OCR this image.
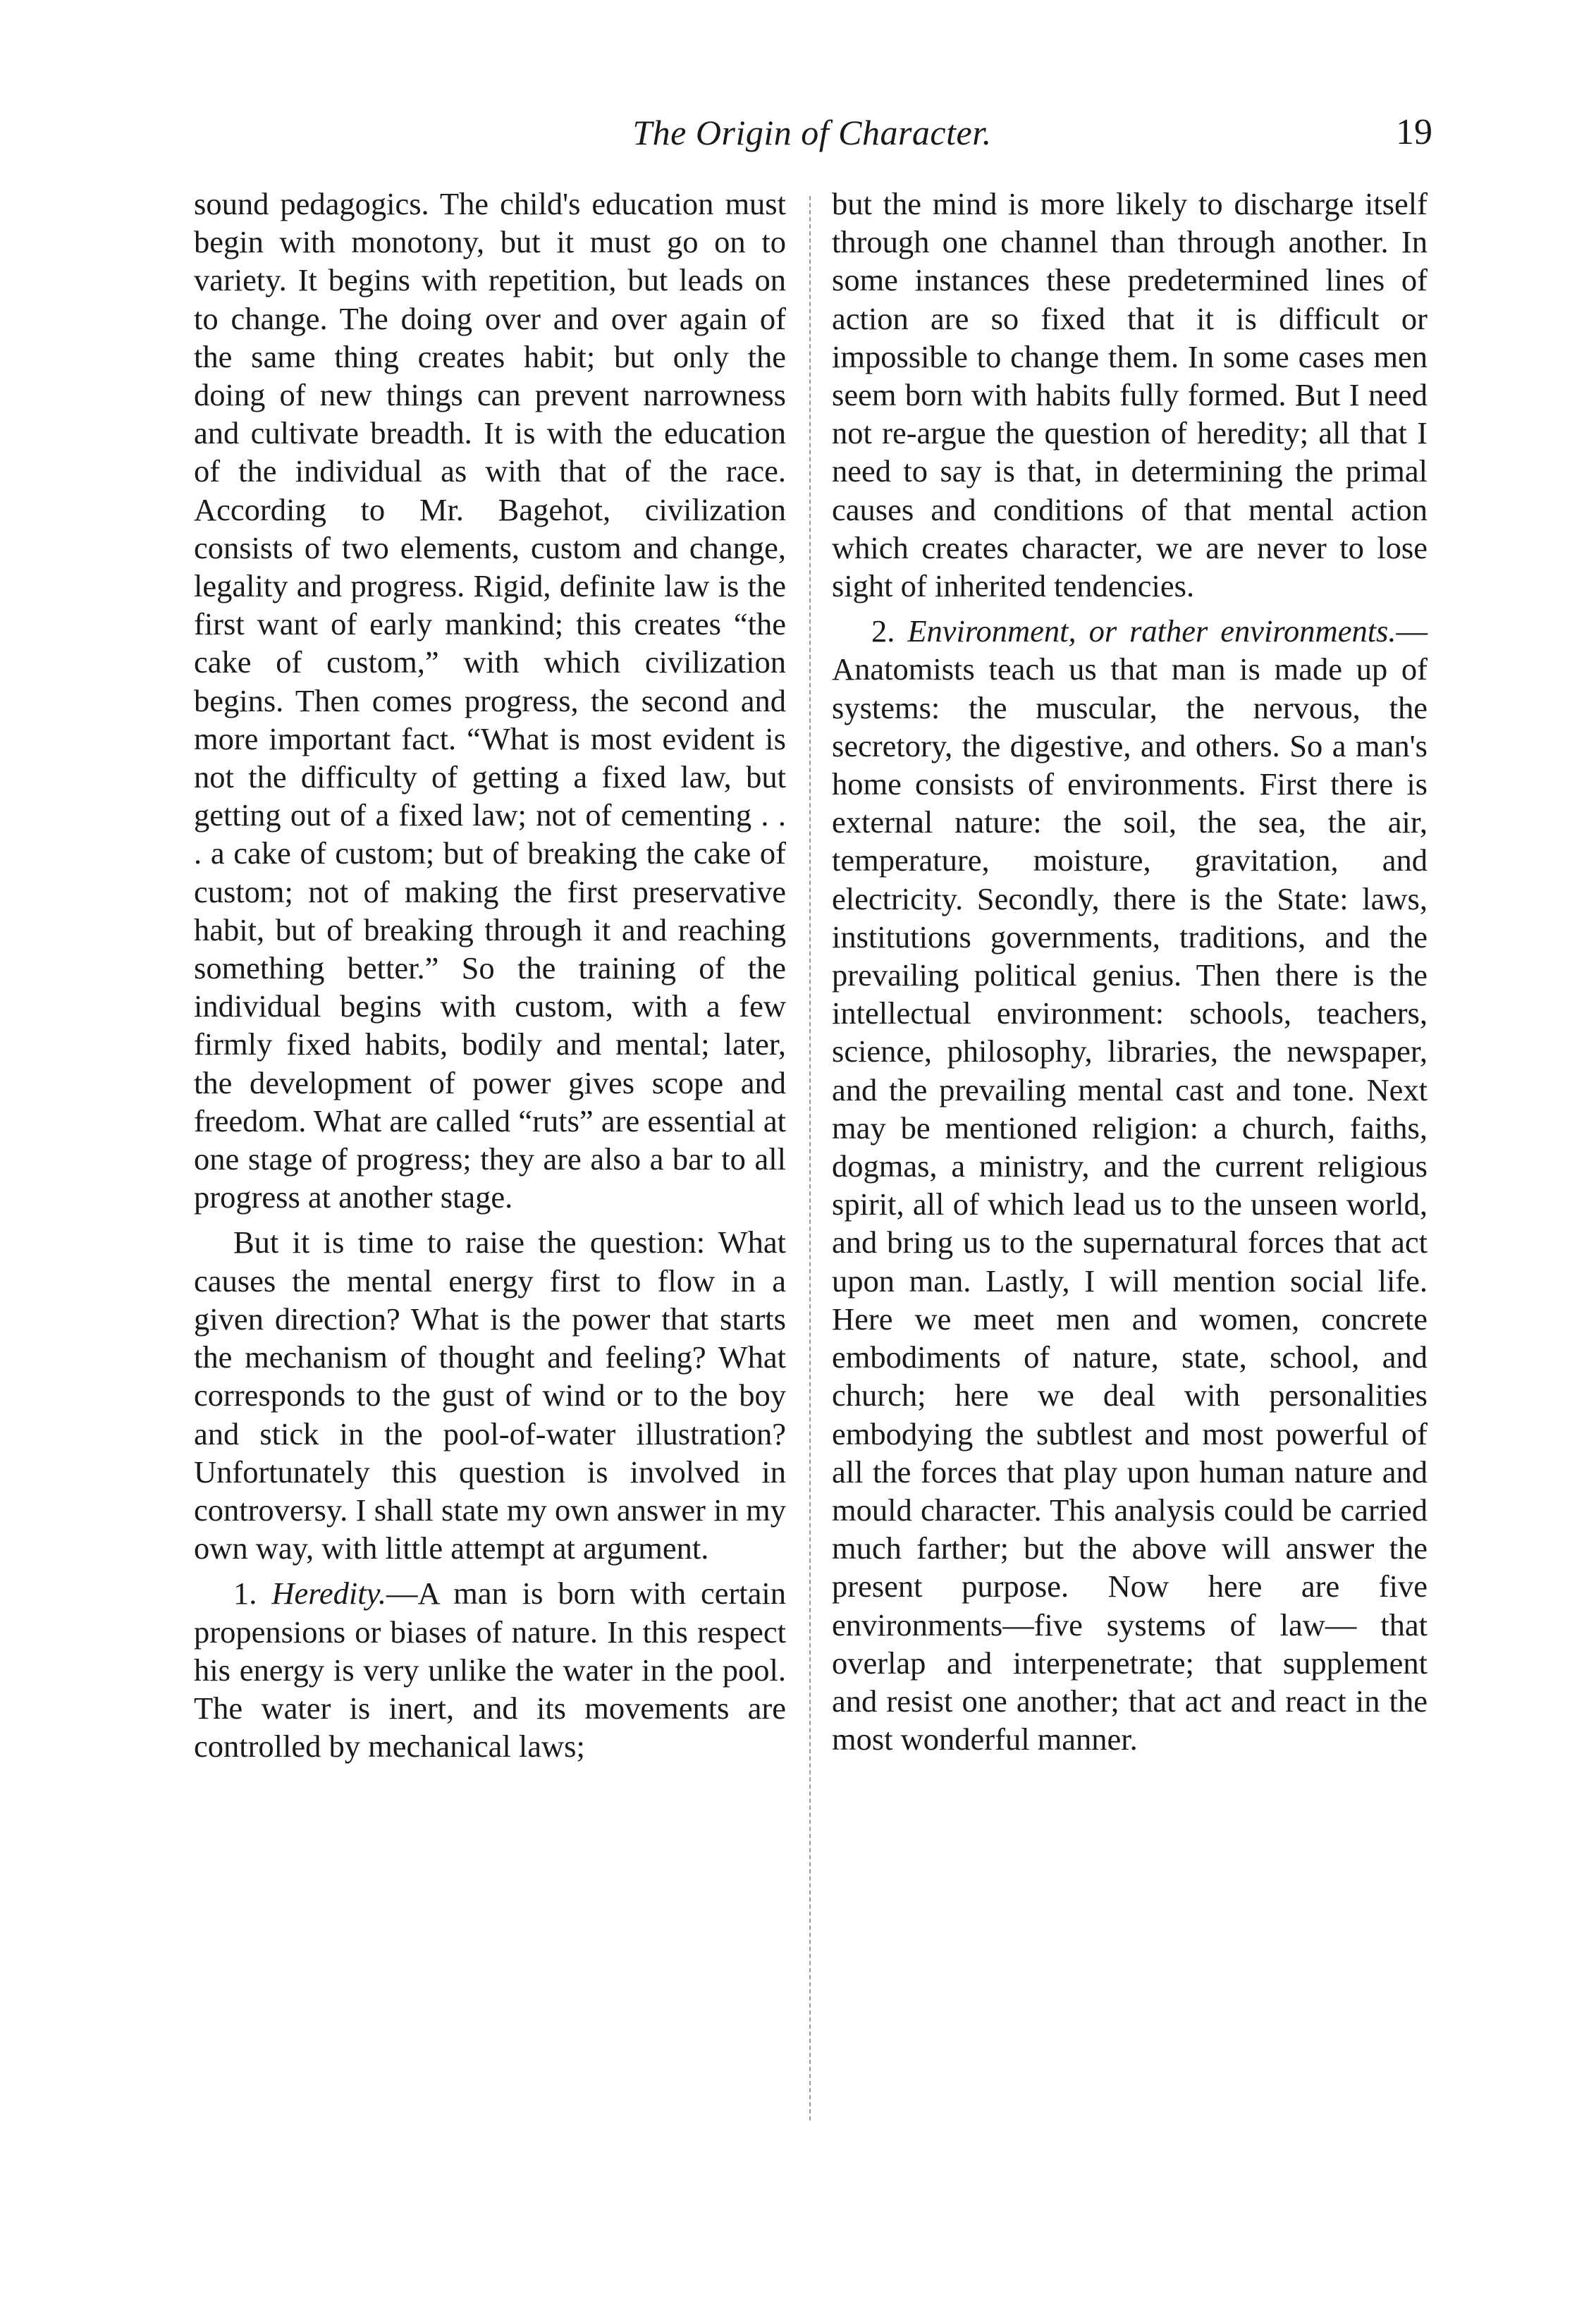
The Origin of Character.	19

sound pedagogics. The child's education must begin with monotony, but it must go on to variety. It begins with repetition, but leads on to change. The doing over and over again of the same thing creates habit; but only the doing of new things can prevent narrowness and cultivate breadth. It is with the education of the individual as with that of the race. According to Mr. Bagehot, civilization consists of two elements, custom and change, legality and progress. Rigid, definite law is the first want of early mankind; this creates “the cake of custom,” with which civilization begins. Then comes progress, the second and more important fact. “What is most evident is not the difficulty of getting a fixed law, but getting out of a fixed law; not of cementing . . . a cake of custom; but of breaking the cake of custom; not of making the first preservative habit, but of breaking through it and reaching something better.” So the training of the individual begins with custom, with a few firmly fixed habits, bodily and mental; later, the development of power gives scope and freedom. What are called “ruts” are essential at one stage of progress; they are also a bar to all progress at another stage.

But it is time to raise the question: What causes the mental energy first to flow in a given direction? What is the power that starts the mechanism of thought and feeling? What corresponds to the gust of wind or to the boy and stick in the pool-of-water illustration? Unfortunately this question is involved in controversy. I shall state my own answer in my own way, with little attempt at argument.

1. Heredity.—A man is born with certain propensions or biases of nature. In this respect his energy is very unlike the water in the pool. The water is inert, and its movements are controlled by mechanical laws;

but the mind is more likely to discharge itself through one channel than through another. In some instances these predetermined lines of action are so fixed that it is difficult or impossible to change them. In some cases men seem born with habits fully formed. But I need not re-argue the question of heredity; all that I need to say is that, in determining the primal causes and conditions of that mental action which creates character, we are never to lose sight of inherited tendencies.

2. Environment, or rather environments.—Anatomists teach us that man is made up of systems: the muscular, the nervous, the secretory, the digestive, and others. So a man's home consists of environments. First there is external nature: the soil, the sea, the air, temperature, moisture, gravitation, and electricity. Secondly, there is the State: laws, institutions governments, traditions, and the prevailing political genius. Then there is the intellectual environment: schools, teachers, science, philosophy, libraries, the newspaper, and the prevailing mental cast and tone. Next may be mentioned religion: a church, faiths, dogmas, a ministry, and the current religious spirit, all of which lead us to the unseen world, and bring us to the supernatural forces that act upon man. Lastly, I will mention social life. Here we meet men and women, concrete embodiments of nature, state, school, and church; here we deal with personalities embodying the subtlest and most powerful of all the forces that play upon human nature and mould character. This analysis could be carried much farther; but the above will answer the present purpose. Now here are five environments—five systems of law— that overlap and interpenetrate; that supplement and resist one another; that act and react in the most wonderful manner.
